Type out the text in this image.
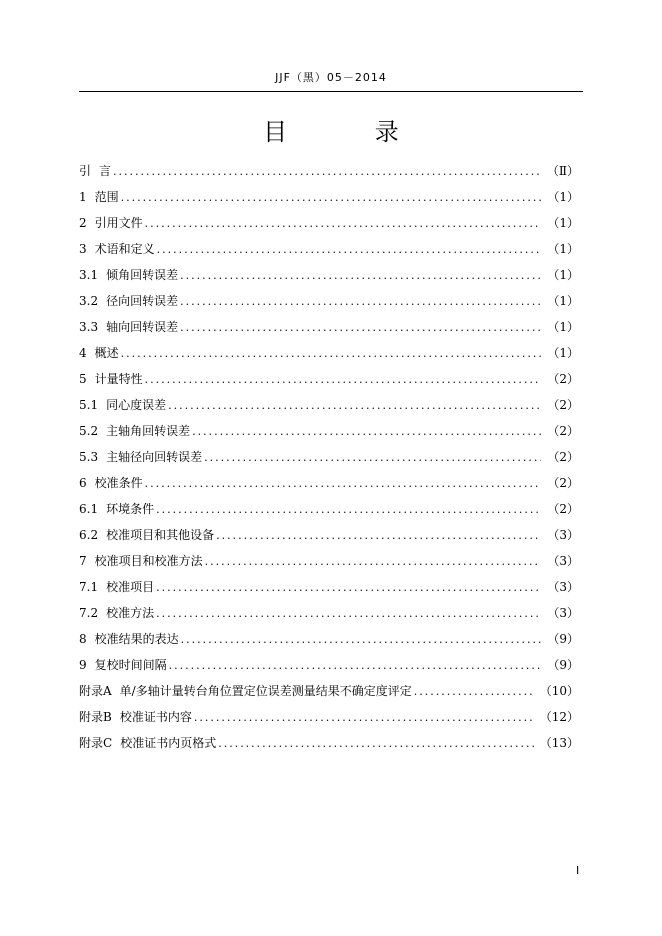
JJF（黑）05－2014
目 录
引 言 .....	（Ⅱ）
1 范围 .....	（1）
2 引用文件 .....	（1）
3 术语和定义 .....	（1）
3.1 倾角回转误差 .....	（1）
3.2 径向回转误差 .....	（1）
3.3 轴向回转误差 .....	（1）
4 概述 .....	（1）
5 计量特性 .....	（2）
5.1 同心度误差 .....	（2）
5.2 主轴角回转误差 .....	（2）
5.3 主轴径向回转误差 .....	（2）
6 校准条件 .....	（2）
6.1 环境条件 .....	（2）
6.2 校准项目和其他设备 .....	（3）
7 校准项目和校准方法 .....	（3）
7.1 校准项目 .....	（3）
7.2 校准方法 .....	（3）
8 校准结果的表达 .....	（9）
9 复校时间间隔 .....	（9）
附录A 单/多轴计量转台角位置定位误差测量结果不确定度评定 .....	（10）
附录B 校准证书内容 .....	（12）
附录C 校准证书内页格式 .....	（13）
I
